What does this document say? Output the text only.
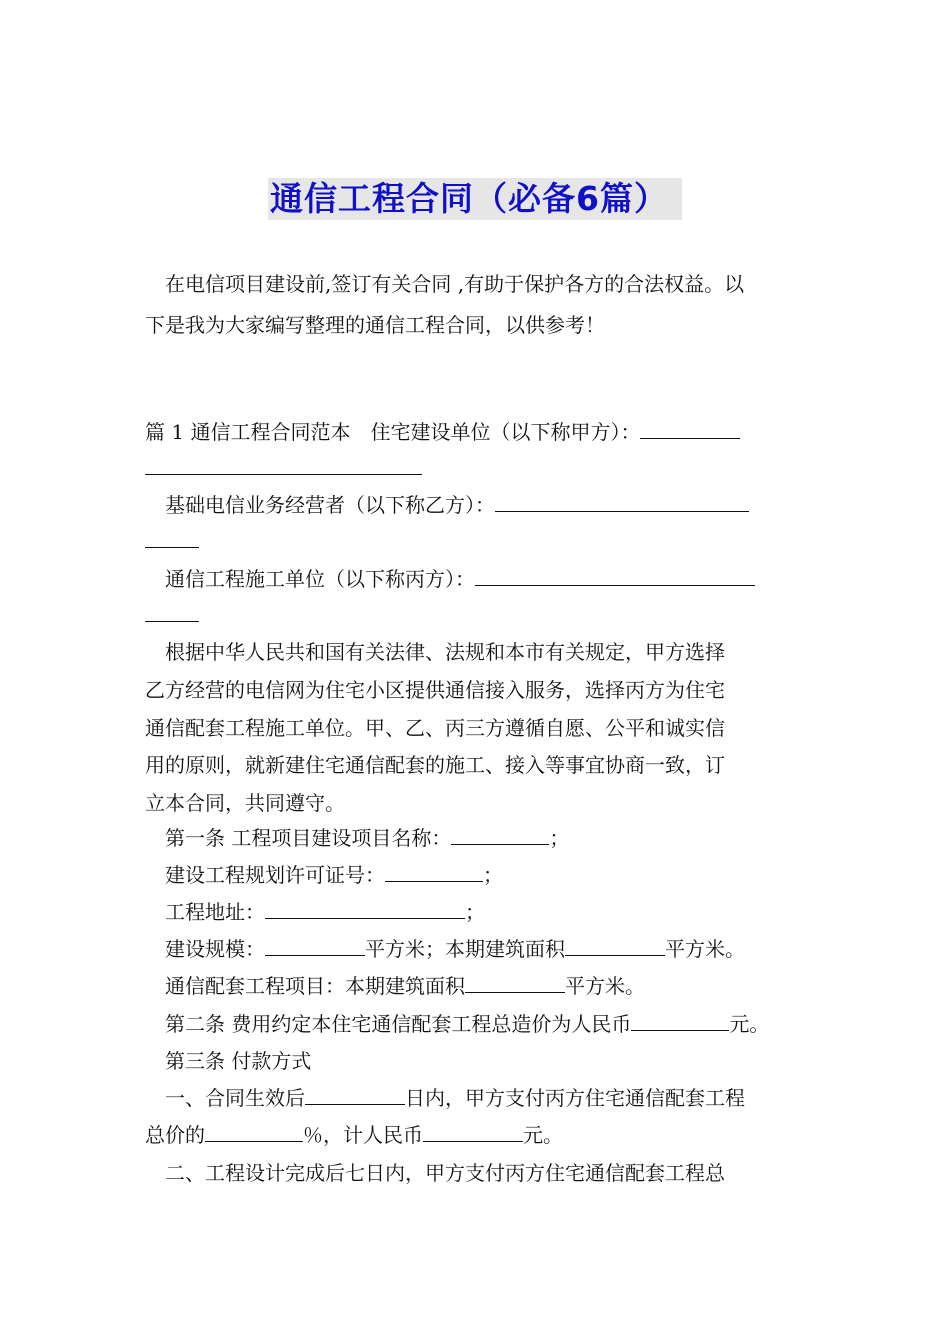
通信工程合同（必备6篇）
在电信项目建设前,签订有关合同 ,有助于保护各方的合法权益。以
下是我为大家编写整理的通信工程合同，以供参考！
篇 1 通信工程合同范本 住宅建设单位（以下称甲方）：
基础电信业务经营者（以下称乙方）：
通信工程施工单位（以下称丙方）：
根据中华人民共和国有关法律、法规和本市有关规定，甲方选择
乙方经营的电信网为住宅小区提供通信接入服务，选择丙方为住宅
通信配套工程施工单位。甲、乙、丙三方遵循自愿、公平和诚实信
用的原则，就新建住宅通信配套的施工、接入等事宜协商一致，订
立本合同，共同遵守。
第一条 工程项目建设项目名称：	；
建设工程规划许可证号：	；
工程地址：	；
建设规模：	平方米；本期建筑面积	平方米。
通信配套工程项目：本期建筑面积	平方米。
第二条 费用约定本住宅通信配套工程总造价为人民币	元。
第三条 付款方式
一、合同生效后	日内，甲方支付丙方住宅通信配套工程
总价的	％，计人民币	元。
二、工程设计完成后七日内，甲方支付丙方住宅通信配套工程总
